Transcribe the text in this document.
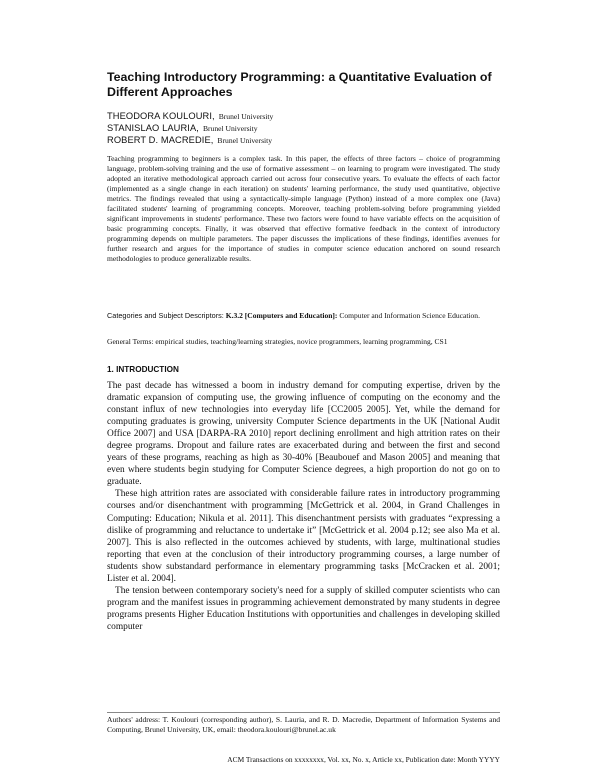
Teaching Introductory Programming: a Quantitative Evaluation of Different Approaches
THEODORA KOULOURI, Brunel University
STANISLAO LAURIA, Brunel University
ROBERT D. MACREDIE, Brunel University

Teaching programming to beginners is a complex task. In this paper, the effects of three factors – choice of programming language, problem-solving training and the use of formative assessment – on learning to program were investigated. The study adopted an iterative methodological approach carried out across four consecutive years. To evaluate the effects of each factor (implemented as a single change in each iteration) on students' learning performance, the study used quantitative, objective metrics. The findings revealed that using a syntactically-simple language (Python) instead of a more complex one (Java) facilitated students' learning of programming concepts. Moreover, teaching problem-solving before programming yielded significant improvements in students' performance. These two factors were found to have variable effects on the acquisition of basic programming concepts. Finally, it was observed that effective formative feedback in the context of introductory programming depends on multiple parameters. The paper discusses the implications of these findings, identifies avenues for further research and argues for the importance of studies in computer science education anchored on sound research methodologies to produce generalizable results.

Categories and Subject Descriptors: K.3.2 [Computers and Education]: Computer and Information Science Education.

General Terms: empirical studies, teaching/learning strategies, novice programmers, learning programming, CS1

1. INTRODUCTION

The past decade has witnessed a boom in industry demand for computing expertise, driven by the dramatic expansion of computing use, the growing influence of computing on the economy and the constant influx of new technologies into everyday life [CC2005 2005]. Yet, while the demand for computing graduates is growing, university Computer Science departments in the UK [National Audit Office 2007] and USA [DARPA-RA 2010] report declining enrollment and high attrition rates on their degree programs. Dropout and failure rates are exacerbated during and between the first and second years of these programs, reaching as high as 30-40% [Beaubouef and Mason 2005] and meaning that even where students begin studying for Computer Science degrees, a high proportion do not go on to graduate.

These high attrition rates are associated with considerable failure rates in introductory programming courses and/or disenchantment with programming [McGettrick et al. 2004, in Grand Challenges in Computing: Education; Nikula et al. 2011]. This disenchantment persists with graduates “expressing a dislike of programming and reluctance to undertake it” [McGettrick et al. 2004 p.12; see also Ma et al. 2007]. This is also reflected in the outcomes achieved by students, with large, multinational studies reporting that even at the conclusion of their introductory programming courses, a large number of students show substandard performance in elementary programming tasks [McCracken et al. 2001; Lister et al. 2004].

The tension between contemporary society's need for a supply of skilled computer scientists who can program and the manifest issues in programming achievement demonstrated by many students in degree programs presents Higher Education Institutions with opportunities and challenges in developing skilled computer

Authors' address: T. Koulouri (corresponding author), S. Lauria, and R. D. Macredie, Department of Information Systems and Computing, Brunel University, UK, email: theodora.koulouri@brunel.ac.uk

ACM Transactions on xxxxxxxx, Vol. xx, No. x, Article xx, Publication date: Month YYYY
